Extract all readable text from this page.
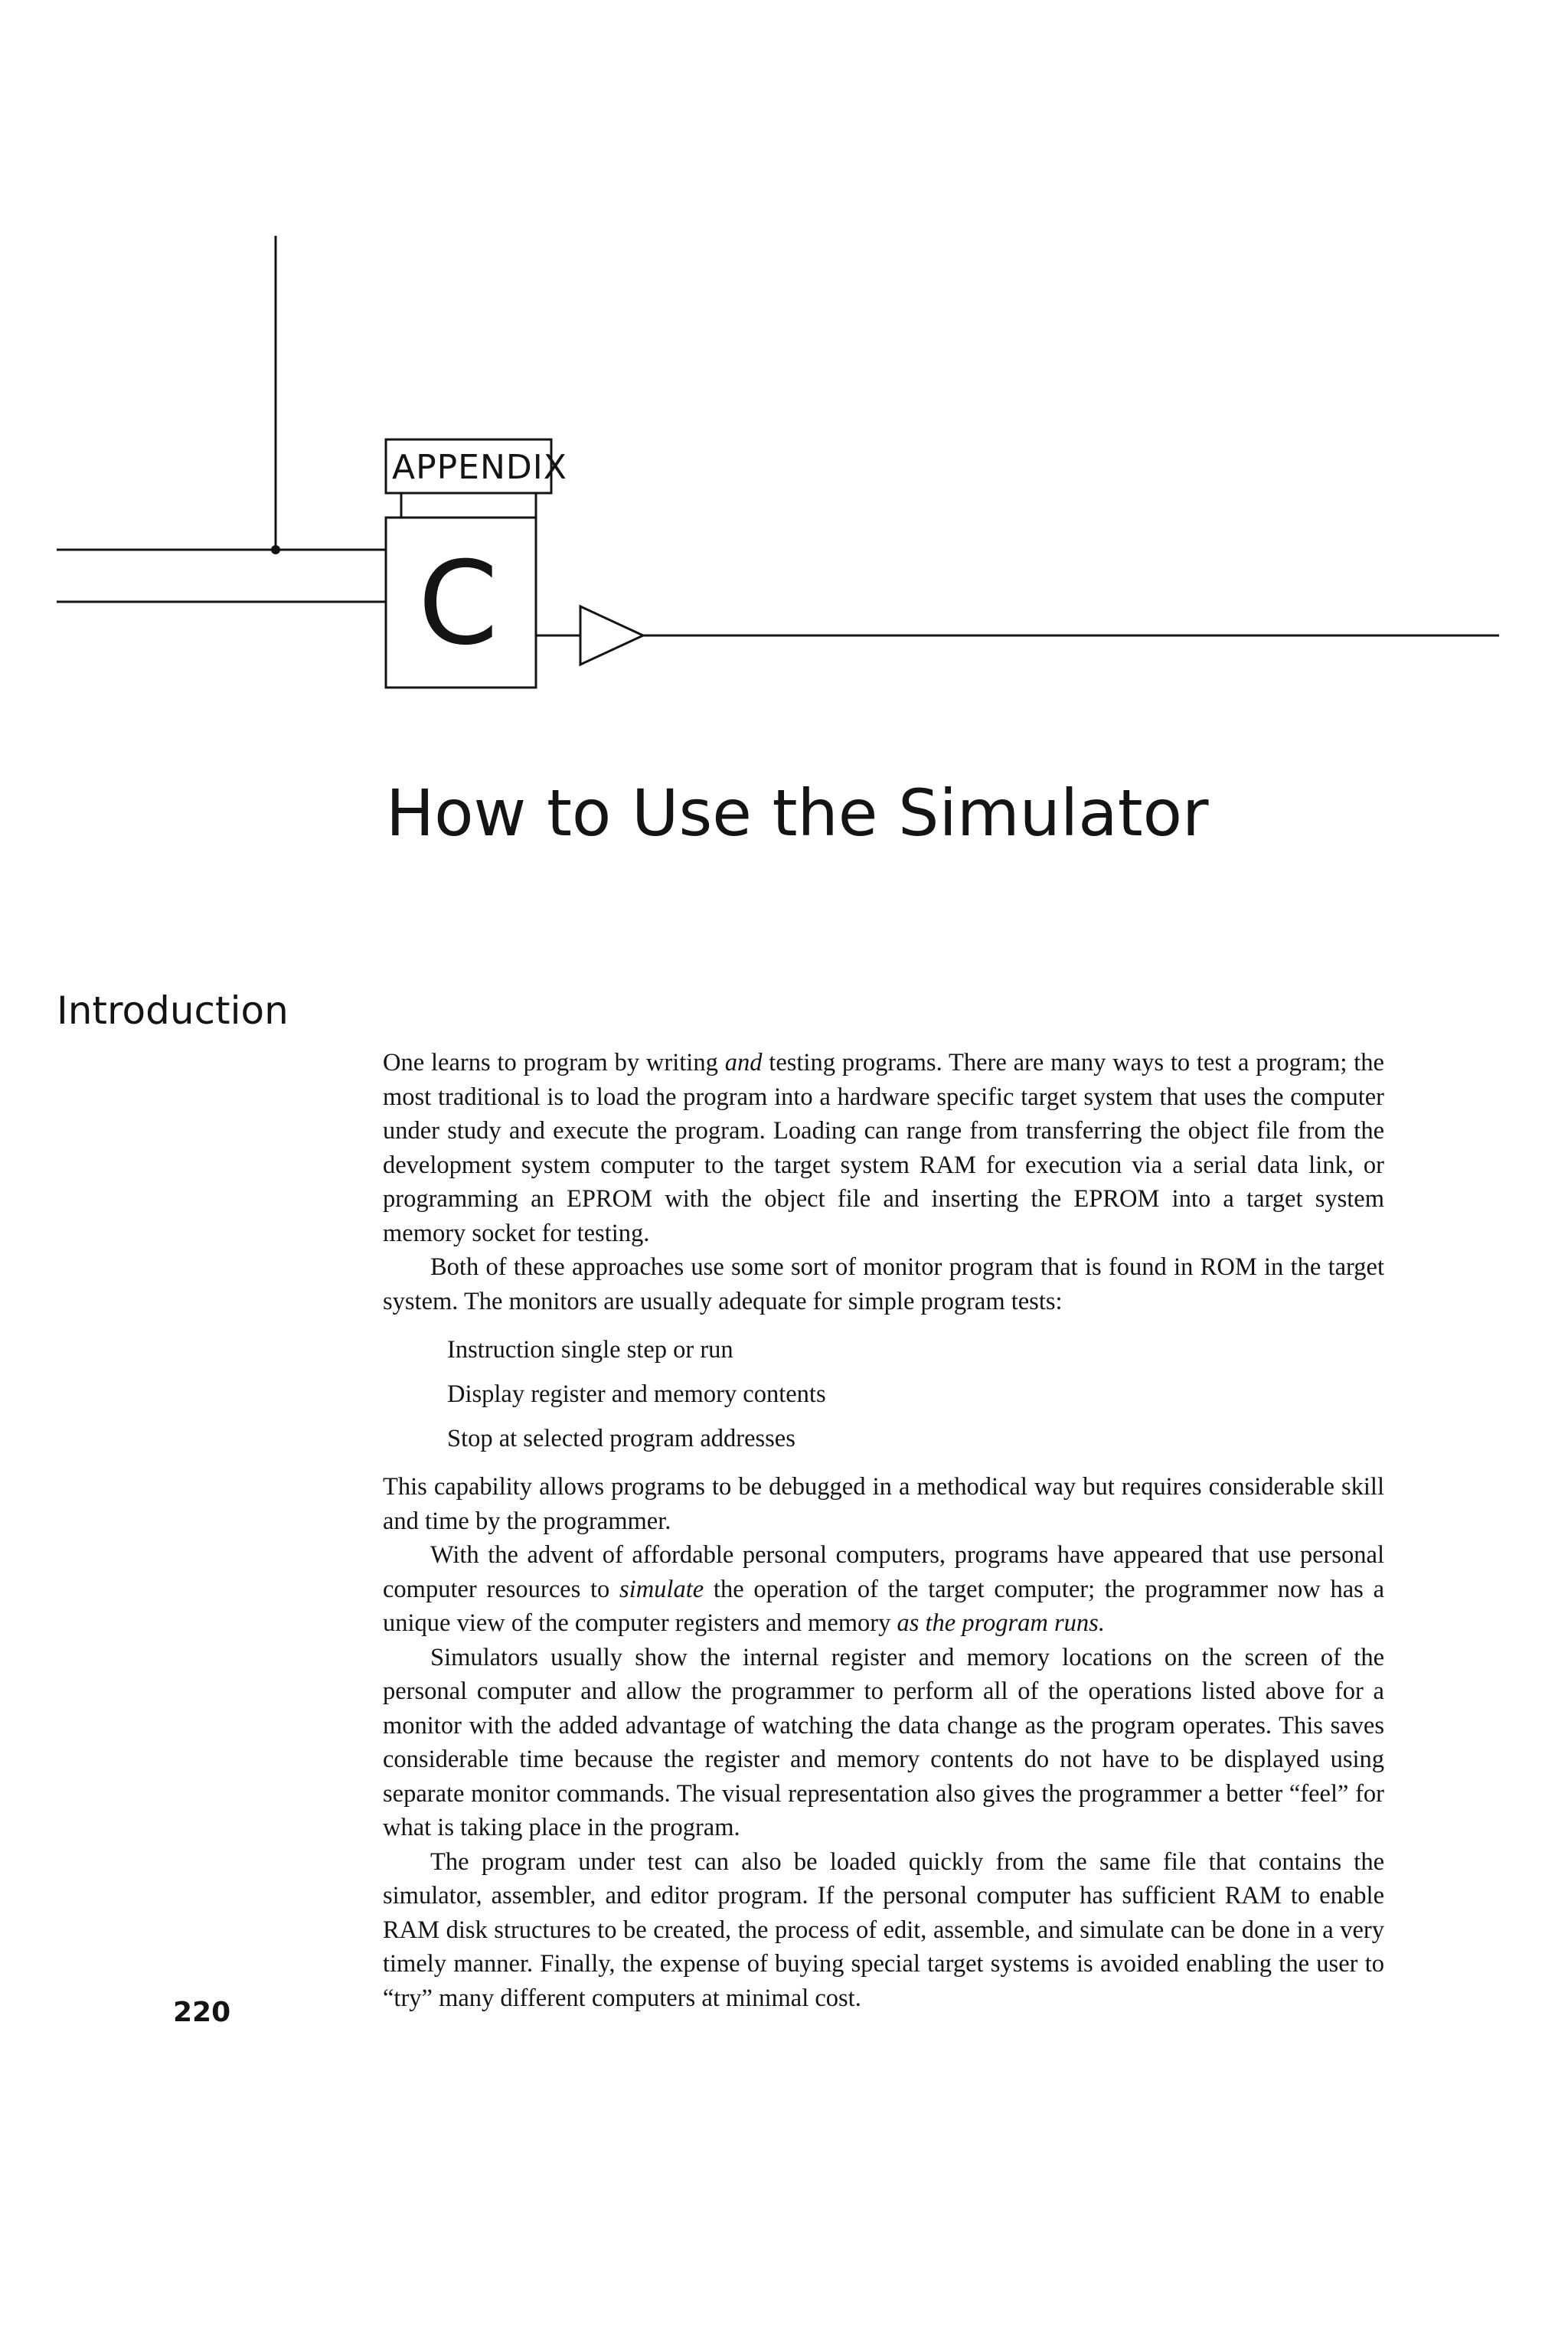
APPENDIX
C
How to Use the Simulator
Introduction

One learns to program by writing and testing programs. There are many ways to test a program; the most traditional is to load the program into a hardware specific target system that uses the computer under study and execute the program. Loading can range from transferring the object file from the development system computer to the target system RAM for execution via a serial data link, or programming an EPROM with the object file and inserting the EPROM into a target system memory socket for testing.

Both of these approaches use some sort of monitor program that is found in ROM in the target system. The monitors are usually adequate for simple program tests:

Instruction single step or run
Display register and memory contents
Stop at selected program addresses

This capability allows programs to be debugged in a methodical way but requires considerable skill and time by the programmer.

With the advent of affordable personal computers, programs have appeared that use personal computer resources to simulate the operation of the target computer; the programmer now has a unique view of the computer registers and memory as the program runs.

Simulators usually show the internal register and memory locations on the screen of the personal computer and allow the programmer to perform all of the operations listed above for a monitor with the added advantage of watching the data change as the program operates. This saves considerable time because the register and memory contents do not have to be displayed using separate monitor commands. The visual representation also gives the programmer a better “feel” for what is taking place in the program.

The program under test can also be loaded quickly from the same file that contains the simulator, assembler, and editor program. If the personal computer has sufficient RAM to enable RAM disk structures to be created, the process of edit, assemble, and simulate can be done in a very timely manner. Finally, the expense of buying special target systems is avoided enabling the user to “try” many different computers at minimal cost.

220
